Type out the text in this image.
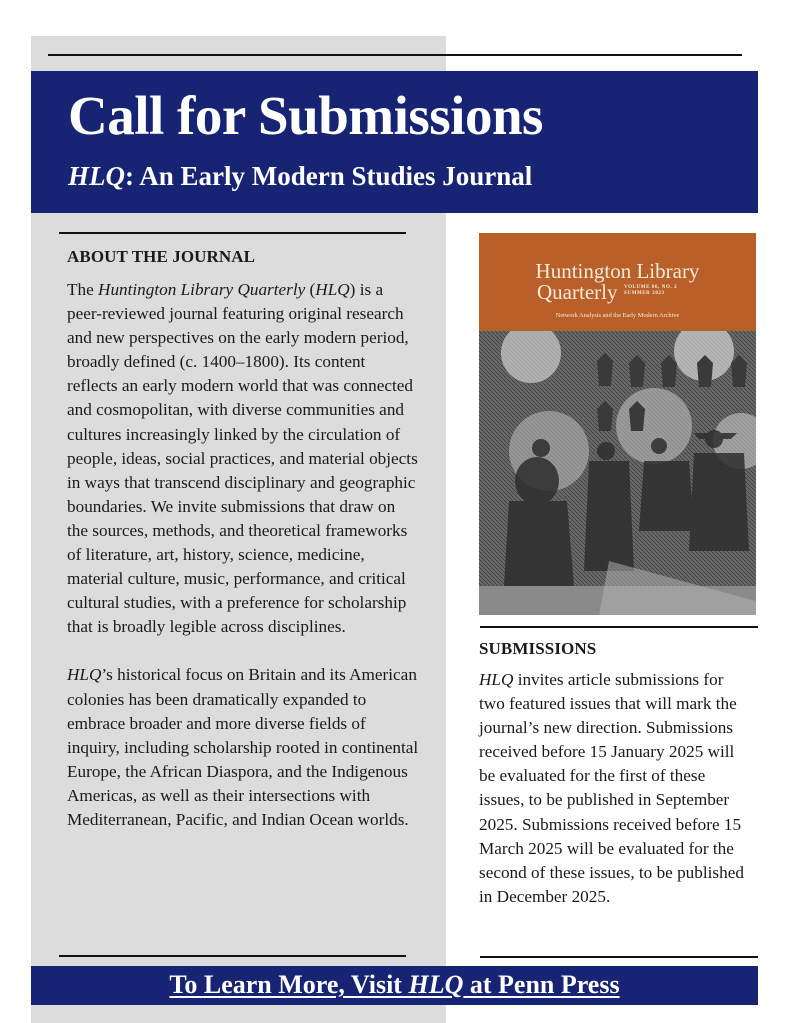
Call for Submissions
HLQ: An Early Modern Studies Journal
ABOUT THE JOURNAL

The Huntington Library Quarterly (HLQ) is a peer-reviewed journal featuring original research and new perspectives on the early modern period, broadly defined (c. 1400–1800). Its content reflects an early modern world that was connected and cosmopolitan, with diverse communities and cultures increasingly linked by the circulation of people, ideas, social practices, and material objects in ways that transcend disciplinary and geographic boundaries. We invite submissions that draw on the sources, methods, and theoretical frameworks of literature, art, history, science, medicine, material culture, music, performance, and critical cultural studies, with a preference for scholarship that is broadly legible across disciplines.

HLQ’s historical focus on Britain and its American colonies has been dramatically expanded to embrace broader and more diverse fields of inquiry, including scholarship rooted in continental Europe, the African Diaspora, and the Indigenous Americas, as well as their intersections with Mediterranean, Pacific, and Indian Ocean worlds.

Huntington Library
Quarterly VOLUME 86, NO. 2
SUMMER 2023
Network Analysis and the Early Modern Archive
SUBMISSIONS

HLQ invites article submissions for two featured issues that will mark the journal’s new direction. Submissions received before 15 January 2025 will be evaluated for the first of these issues, to be published in September 2025. Submissions received before 15 March 2025 will be evaluated for the second of these issues, to be published in December 2025.

To Learn More, Visit HLQ at Penn Press
